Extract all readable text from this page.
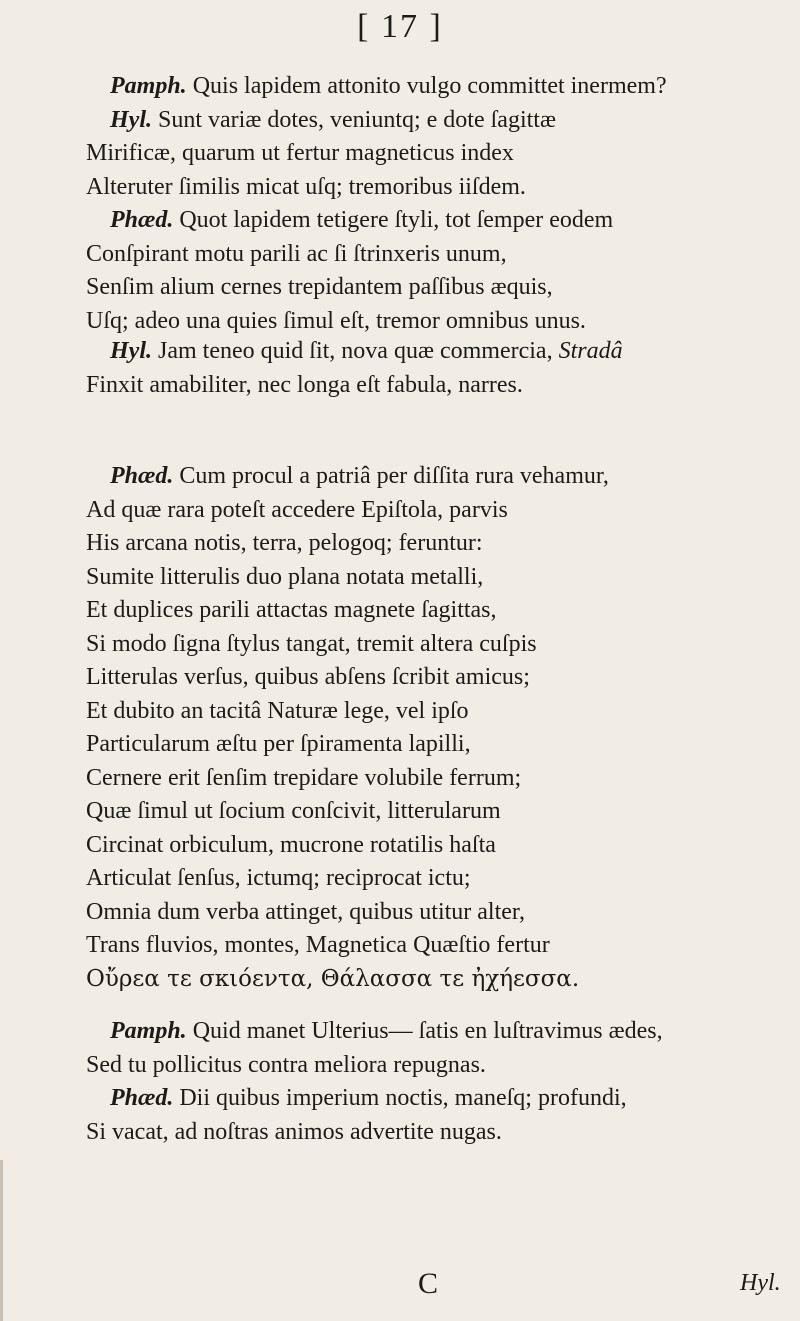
[ 17 ]
Pamph. Quis lapidem attonito vulgo committet inermem?
Hyl. Sunt variæ dotes, veniuntq; e dote ſagittæ
Mirificæ, quarum ut fertur magneticus index
Alteruter ſimilis micat uſq; tremoribus iiſdem.
Phæd. Quot lapidem tetigere ſtyli, tot ſemper eodem
Conſpirant motu parili ac ſi ſtrinxeris unum,
Senſim alium cernes trepidantem paſſibus æquis,
Uſq; adeo una quies ſimul eſt, tremor omnibus unus.
Hyl. Jam teneo quid ſit, nova quæ commercia, Stradâ
Finxit amabiliter, nec longa eſt fabula, narres.
Phæd. Cum procul a patriâ per diſſita rura vehamur,
Ad quæ rara poteſt accedere Epiſtola, parvis
His arcana notis, terra, pelogoq; feruntur:
Sumite litterulis duo plana notata metalli,
Et duplices parili attactas magnete ſagittas,
Si modo ſigna ſtylus tangat, tremit altera cuſpis
Litterulas verſus, quibus abſens ſcribit amicus;
Et dubito an tacitâ Naturæ lege, vel ipſo
Particularum æſtu per ſpiramenta lapilli,
Cernere erit ſenſim trepidare volubile ferrum;
Quæ ſimul ut ſocium conſcivit, litterularum
Circinat orbiculum, mucrone rotatilis haſta
Articulat ſenſus, ictumq; reciprocat ictu;
Omnia dum verba attinget, quibus utitur alter,
Trans fluvios, montes, Magnetica Quæſtio fertur
Οὔρεα τε σκιόεντα, Θάλασσα τε ἠχήεσσα.
Pamph. Quid manet Ulterius— ſatis en luſtravimus ædes,
Sed tu pollicitus contra meliora repugnas.
Phæd. Dii quibus imperium noctis, maneſq; profundi,
Si vacat, ad noſtras animos advertite nugas.
C	Hyl.
